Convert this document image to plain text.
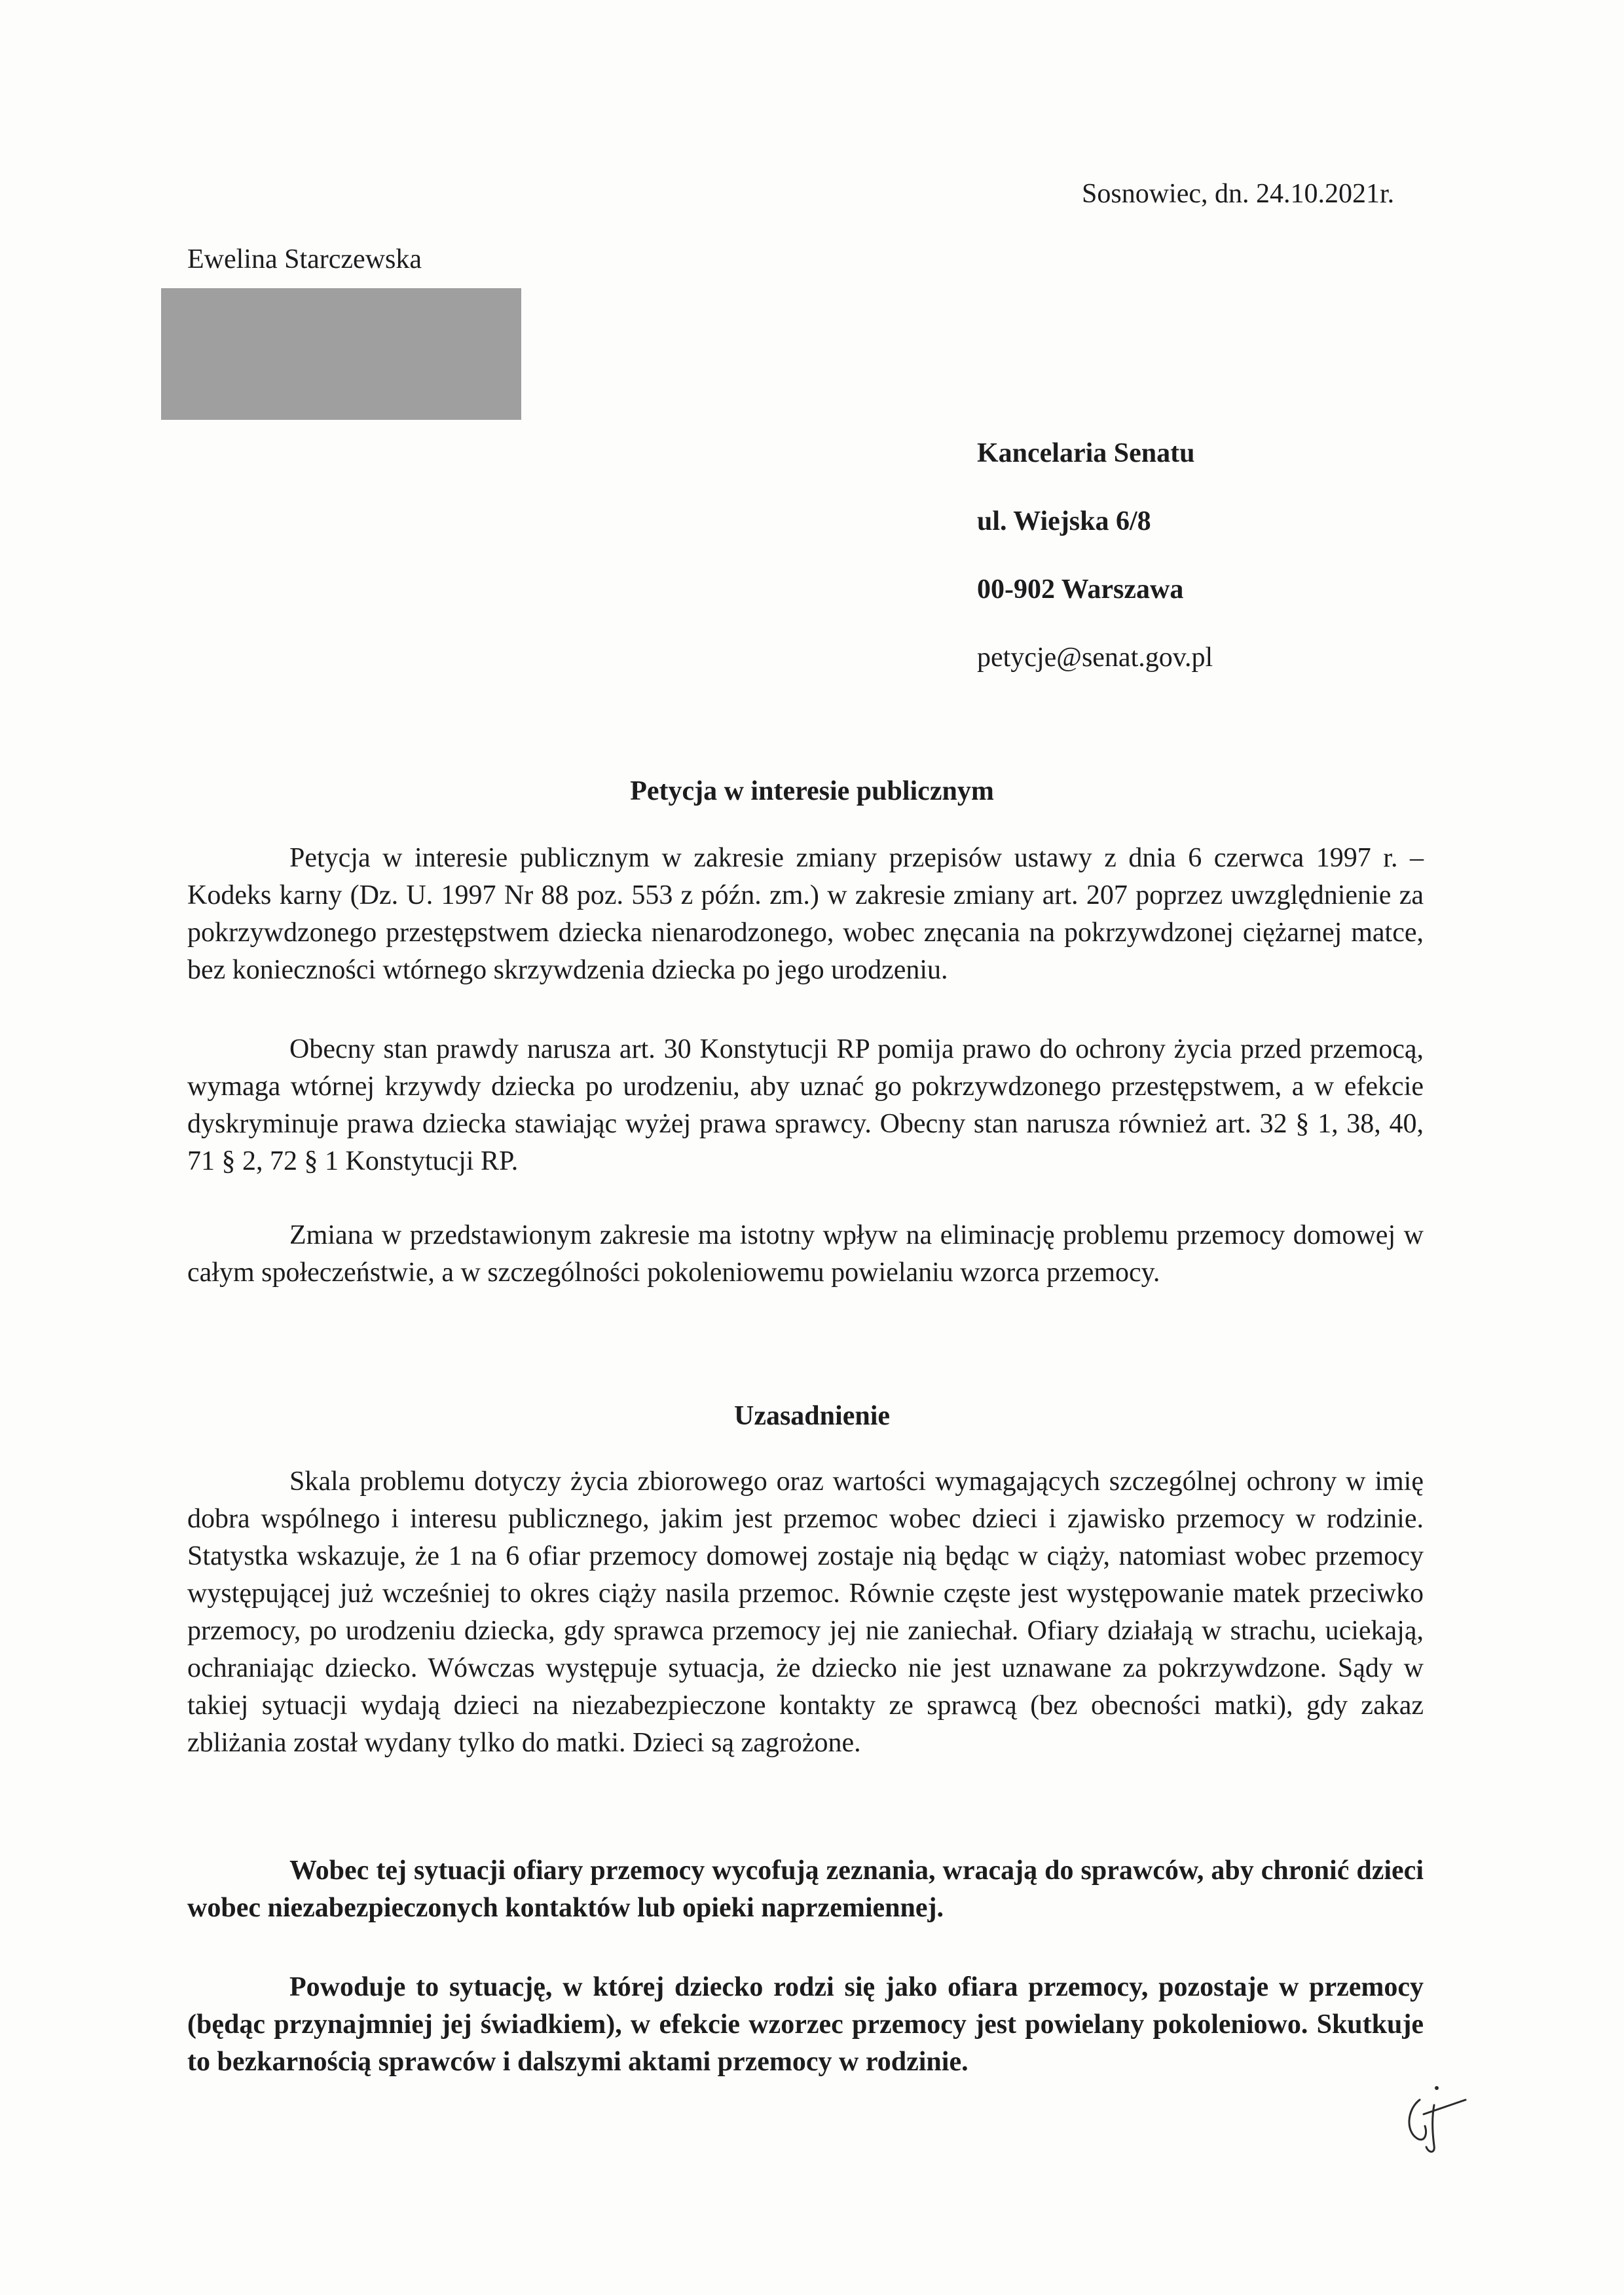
Sosnowiec, dn. 24.10.2021r.
Ewelina Starczewska
Kancelaria Senatu
ul. Wiejska 6/8
00-902 Warszawa
petycje@senat.gov.pl
Petycja w interesie publicznym
Petycja w interesie publicznym w zakresie zmiany przepisów ustawy z dnia 6 czerwca 1997 r. – Kodeks karny (Dz. U. 1997 Nr 88 poz. 553 z późn. zm.) w zakresie zmiany art. 207 poprzez uwzględnienie za pokrzywdzonego przestępstwem dziecka nienarodzonego, wobec znęcania na pokrzywdzonej ciężarnej matce, bez konieczności wtórnego skrzywdzenia dziecka po jego urodzeniu.
Obecny stan prawdy narusza art. 30 Konstytucji RP pomija prawo do ochrony życia przed przemocą, wymaga wtórnej krzywdy dziecka po urodzeniu, aby uznać go pokrzywdzonego przestępstwem, a w efekcie dyskryminuje prawa dziecka stawiając wyżej prawa sprawcy. Obecny stan narusza również art. 32 § 1, 38, 40, 71 § 2, 72 § 1 Konstytucji RP.
Zmiana w przedstawionym zakresie ma istotny wpływ na eliminację problemu przemocy domowej w całym społeczeństwie, a w szczególności pokoleniowemu powielaniu wzorca przemocy.
Uzasadnienie
Skala problemu dotyczy życia zbiorowego oraz wartości wymagających szczególnej ochrony w imię dobra wspólnego i interesu publicznego, jakim jest przemoc wobec dzieci i zjawisko przemocy w rodzinie. Statystka wskazuje, że 1 na 6 ofiar przemocy domowej zostaje nią będąc w ciąży, natomiast wobec przemocy występującej już wcześniej to okres ciąży nasila przemoc. Równie częste jest występowanie matek przeciwko przemocy, po urodzeniu dziecka, gdy sprawca przemocy jej nie zaniechał. Ofiary działają w strachu, uciekają, ochraniając dziecko. Wówczas występuje sytuacja, że dziecko nie jest uznawane za pokrzywdzone. Sądy w takiej sytuacji wydają dzieci na niezabezpieczone kontakty ze sprawcą (bez obecności matki), gdy zakaz zbliżania został wydany tylko do matki. Dzieci są zagrożone.
Wobec tej sytuacji ofiary przemocy wycofują zeznania, wracają do sprawców, aby chronić dzieci wobec niezabezpieczonych kontaktów lub opieki naprzemiennej.
Powoduje to sytuację, w której dziecko rodzi się jako ofiara przemocy, pozostaje w przemocy (będąc przynajmniej jej świadkiem), w efekcie wzorzec przemocy jest powielany pokoleniowo. Skutkuje to bezkarnością sprawców i dalszymi aktami przemocy w rodzinie.
